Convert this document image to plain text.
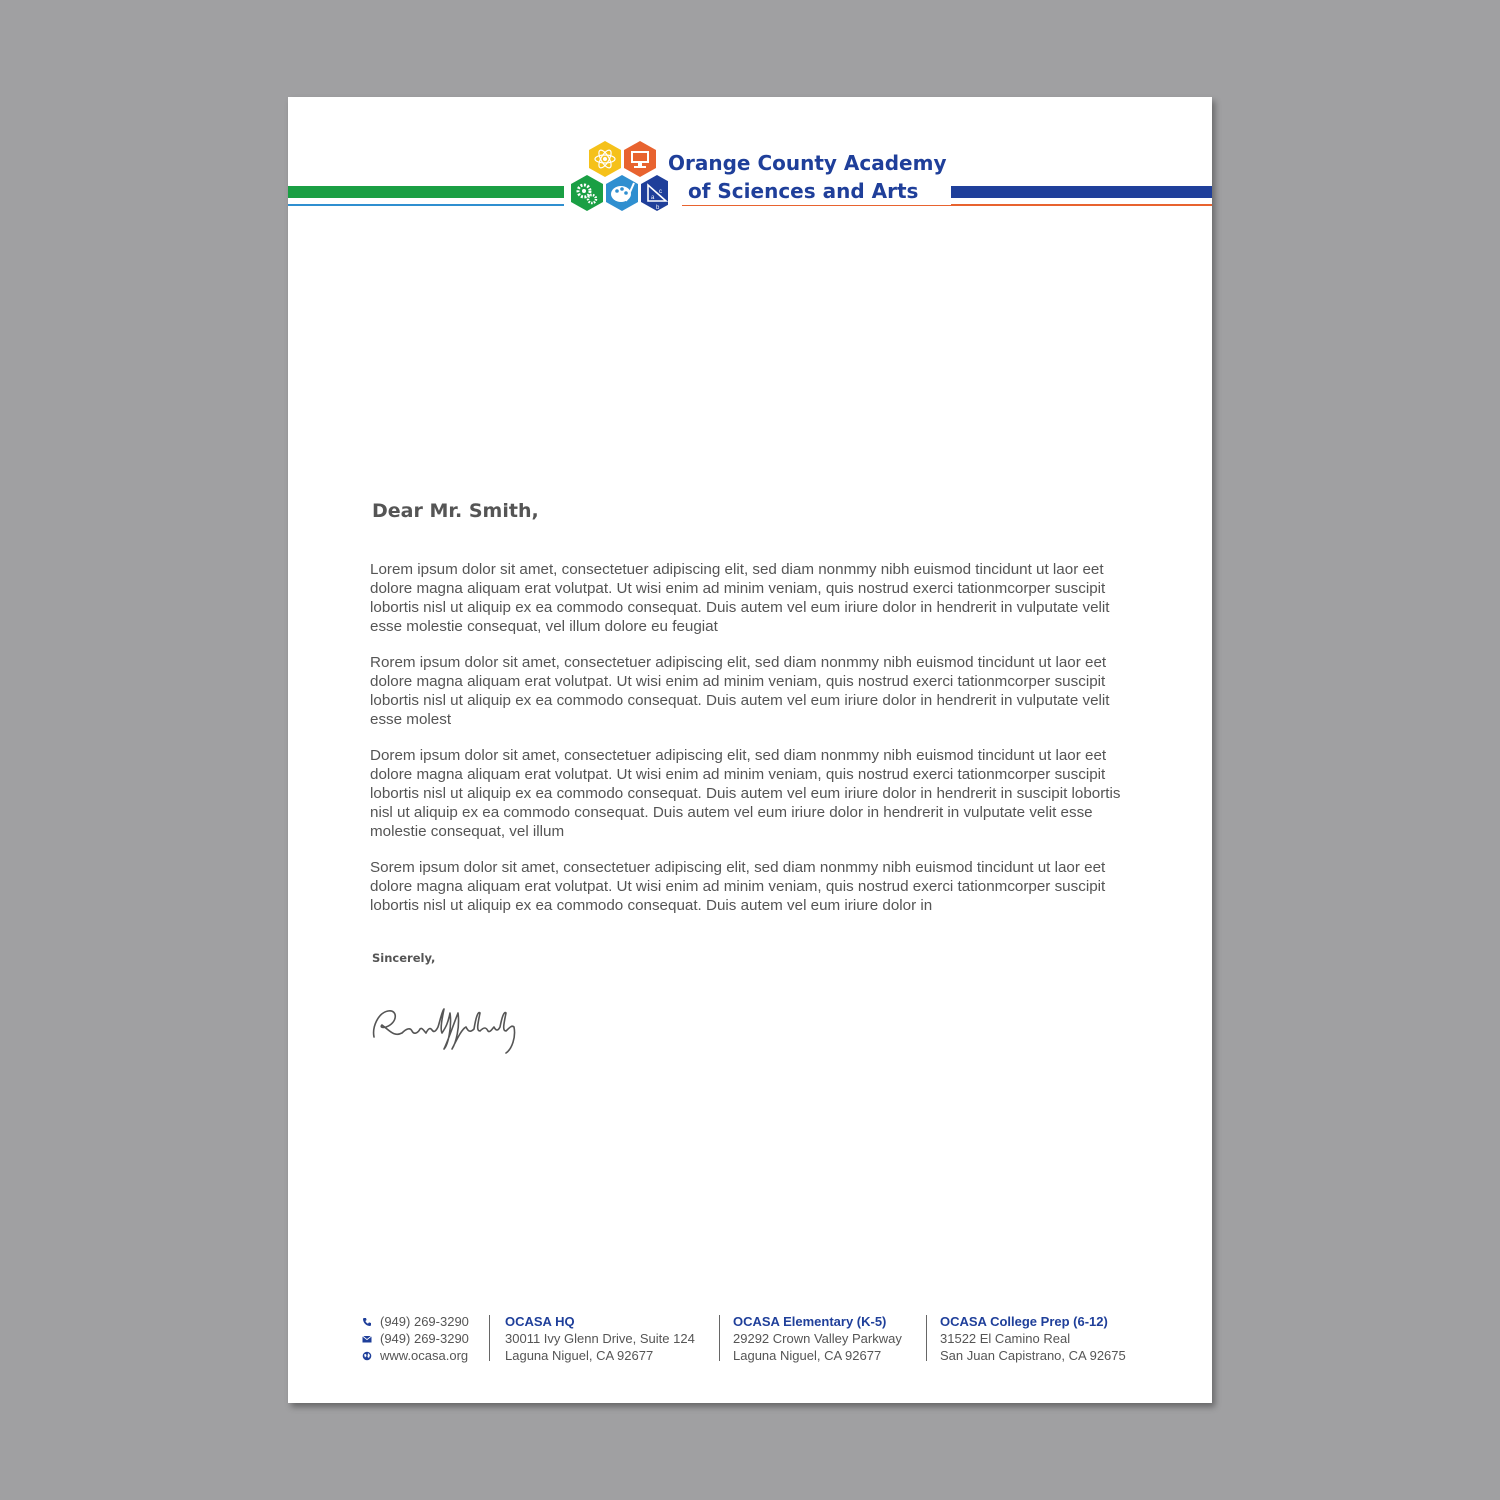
a
c
b
Orange County Academy
of Sciences and Arts
Dear Mr. Smith,

Lorem ipsum dolor sit amet, consectetuer adipiscing elit, sed diam nonmmy nibh euismod tincidunt ut laor eet dolore magna aliquam erat volutpat. Ut wisi enim ad minim veniam, quis nostrud exerci tationmcorper suscipit lobortis nisl ut aliquip ex ea commodo consequat. Duis autem vel eum iriure dolor in hendrerit in vulputate velit esse molestie consequat, vel illum dolore eu feugiat

Rorem ipsum dolor sit amet, consectetuer adipiscing elit, sed diam nonmmy nibh euismod tincidunt ut laor eet dolore magna aliquam erat volutpat. Ut wisi enim ad minim veniam, quis nostrud exerci tationmcorper suscipit lobortis nisl ut aliquip ex ea commodo consequat. Duis autem vel eum iriure dolor in hendrerit in vulputate velit esse molest

Dorem ipsum dolor sit amet, consectetuer adipiscing elit, sed diam nonmmy nibh euismod tincidunt ut laor eet dolore magna aliquam erat volutpat. Ut wisi enim ad minim veniam, quis nostrud exerci tationmcorper suscipit lobortis nisl ut aliquip ex ea commodo consequat. Duis autem vel eum iriure dolor in hendrerit in suscipit lobortis nisl ut aliquip ex ea commodo consequat. Duis autem vel eum iriure dolor in hendrerit in vulputate velit esse molestie consequat, vel illum

Sorem ipsum dolor sit amet, consectetuer adipiscing elit, sed diam nonmmy nibh euismod tincidunt ut laor eet dolore magna aliquam erat volutpat. Ut wisi enim ad minim veniam, quis nostrud exerci tationmcorper suscipit lobortis nisl ut aliquip ex ea commodo consequat. Duis autem vel eum iriure dolor in

Sincerely,
(949) 269-3290
(949) 269-3290
www.ocasa.org
OCASA HQ
30011 Ivy Glenn Drive, Suite 124
Laguna Niguel, CA 92677
OCASA Elementary (K-5)
29292 Crown Valley Parkway
Laguna Niguel, CA 92677
OCASA College Prep (6-12)
31522 El Camino Real
San Juan Capistrano, CA 92675
